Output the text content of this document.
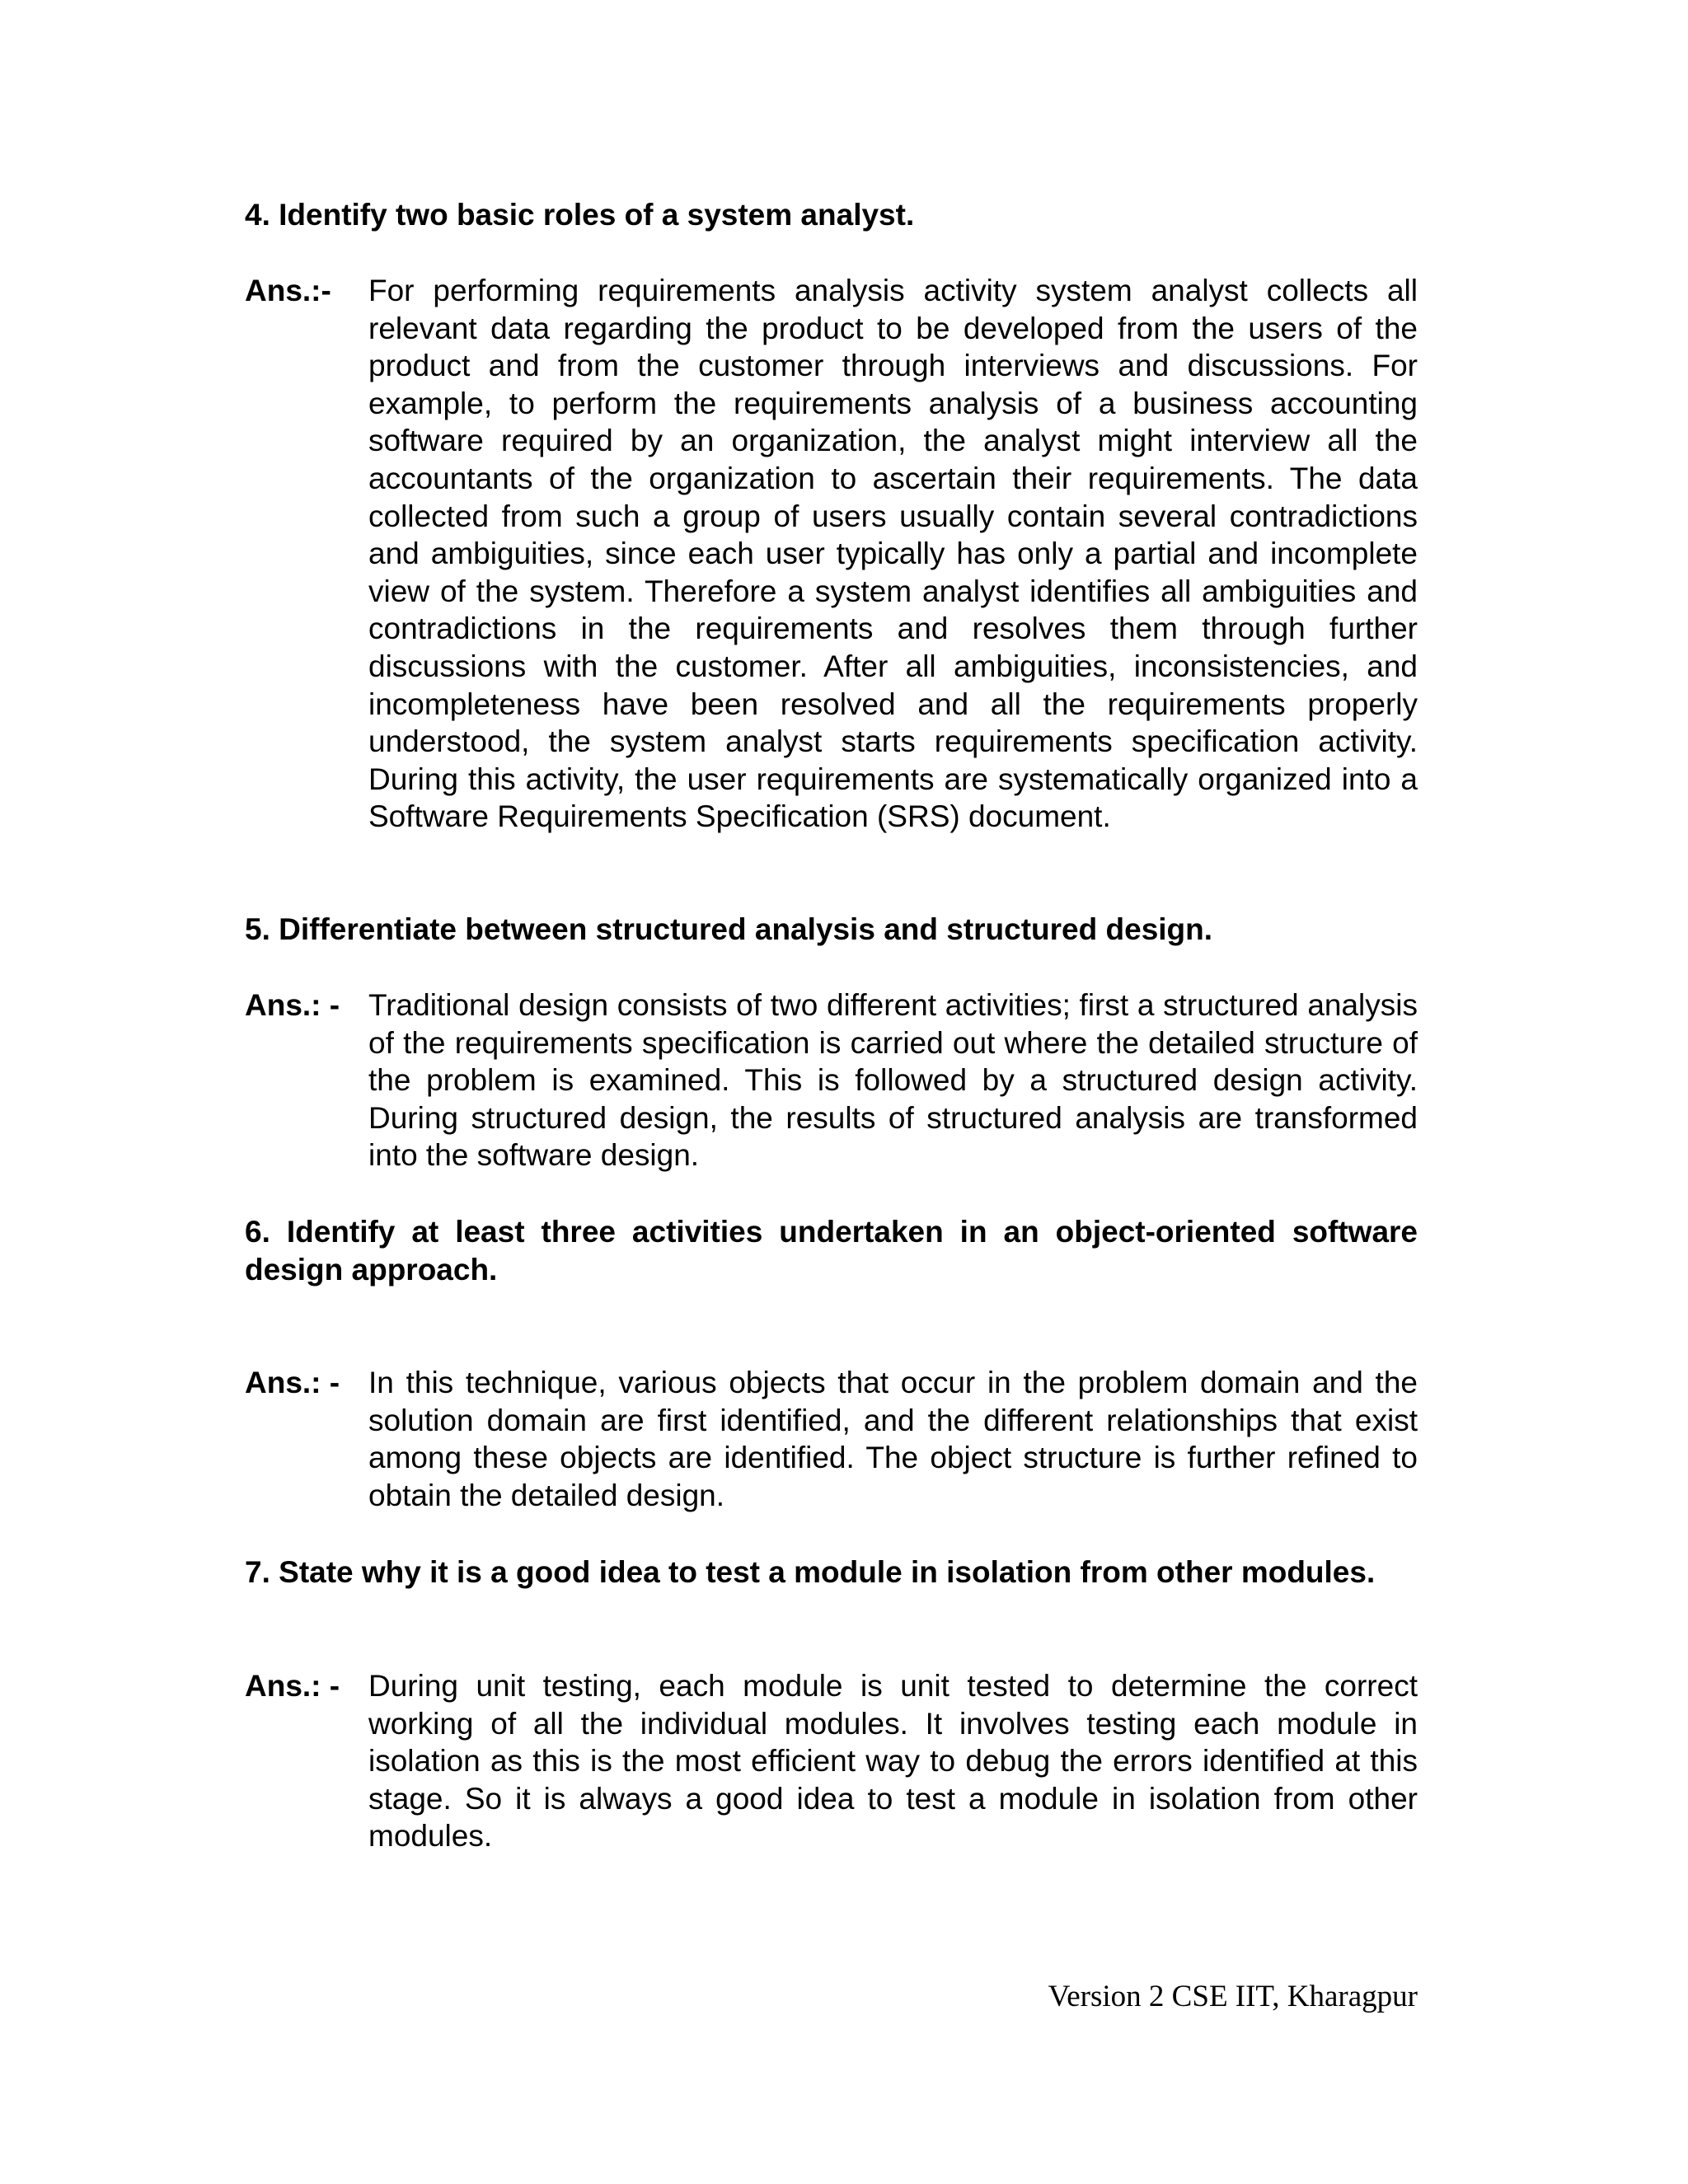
4. Identify two basic roles of a system analyst.

Ans.:- For performing requirements analysis activity system analyst collects all relevant data regarding the product to be developed from the users of the product and from the customer through interviews and discussions. For example, to perform the requirements analysis of a business accounting software required by an organization, the analyst might interview all the accountants of the organization to ascertain their requirements. The data collected from such a group of users usually contain several contradictions and ambiguities, since each user typically has only a partial and incomplete view of the system. Therefore a system analyst identifies all ambiguities and contradictions in the requirements and resolves them through further discussions with the customer. After all ambiguities, inconsistencies, and incompleteness have been resolved and all the requirements properly understood, the system analyst starts requirements specification activity. During this activity, the user requirements are systematically organized into a Software Requirements Specification (SRS) document.

5. Differentiate between structured analysis and structured design.

Ans.: - Traditional design consists of two different activities; first a structured analysis of the requirements specification is carried out where the detailed structure of the problem is examined. This is followed by a structured design activity. During structured design, the results of structured analysis are transformed into the software design.

6. Identify at least three activities undertaken in an object-oriented software design approach.

Ans.: - In this technique, various objects that occur in the problem domain and the solution domain are first identified, and the different relationships that exist among these objects are identified. The object structure is further refined to obtain the detailed design.

7. State why it is a good idea to test a module in isolation from other modules.

Ans.: - During unit testing, each module is unit tested to determine the correct working of all the individual modules. It involves testing each module in isolation as this is the most efficient way to debug the errors identified at this stage. So it is always a good idea to test a module in isolation from other modules.
Version 2 CSE IIT, Kharagpur
